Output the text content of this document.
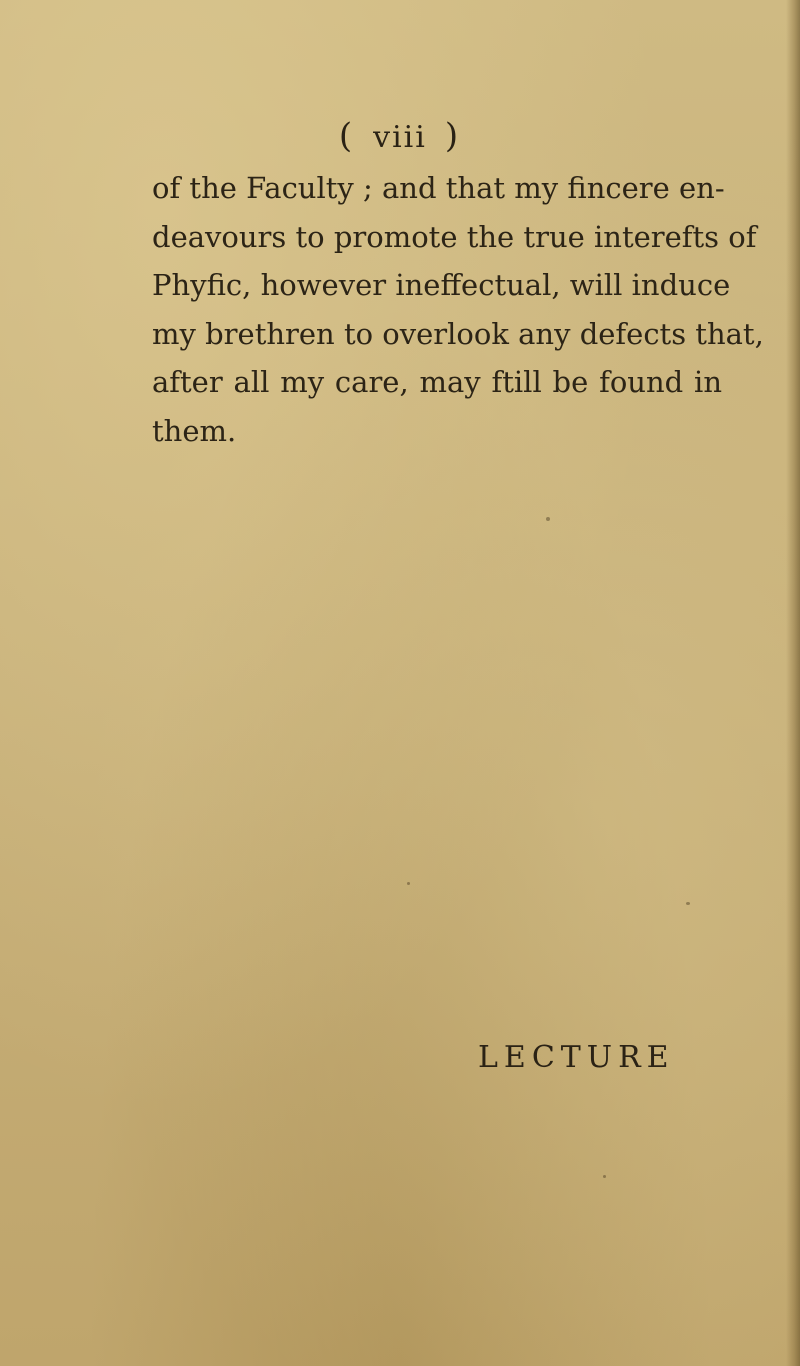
( viii )
of the Faculty ; and that my fincere en-
deavours to promote the true interefts of
Phyfic, however ineffectual, will induce
my brethren to overlook any defects that,
after all my care, may ftill be found in
them.
LECTURE
